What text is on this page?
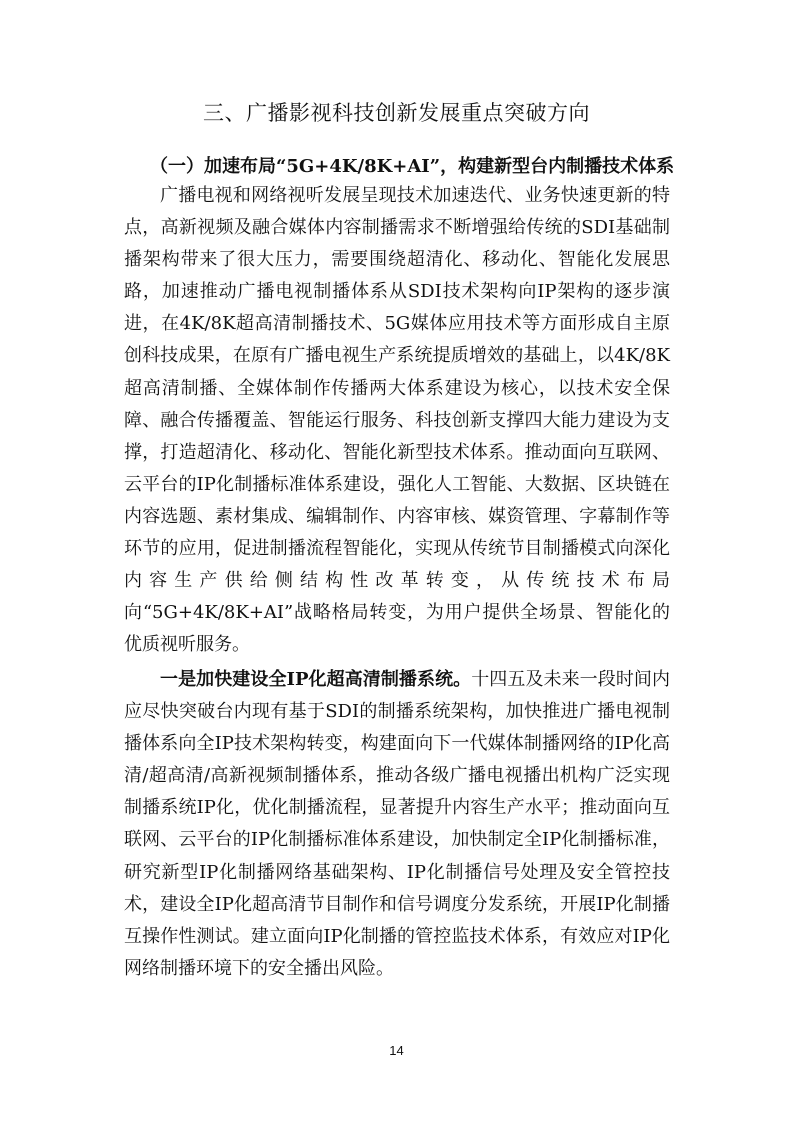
三、广播影视科技创新发展重点突破方向
（一）加速布局“5G+4K/8K+AI”，构建新型台内制播技术体系

广播电视和网络视听发展呈现技术加速迭代、业务快速更新的特点，高新视频及融合媒体内容制播需求不断增强给传统的SDI基础制播架构带来了很大压力，需要围绕超清化、移动化、智能化发展思路，加速推动广播电视制播体系从SDI技术架构向IP架构的逐步演进，在4K/8K超高清制播技术、5G媒体应用技术等方面形成自主原创科技成果，在原有广播电视生产系统提质增效的基础上，以4K/8K超高清制播、全媒体制作传播两大体系建设为核心，以技术安全保障、融合传播覆盖、智能运行服务、科技创新支撑四大能力建设为支撑，打造超清化、移动化、智能化新型技术体系。推动面向互联网、云平台的IP化制播标准体系建设，强化人工智能、大数据、区块链在内容选题、素材集成、编辑制作、内容审核、媒资管理、字幕制作等环节的应用，促进制播流程智能化，实现从传统节目制播模式向深化内容生产供给侧结构性改革转变，从传统技术布局向“5G+4K/8K+AI”战略格局转变，为用户提供全场景、智能化的优质视听服务。

一是加快建设全IP化超高清制播系统。十四五及未来一段时间内应尽快突破台内现有基于SDI的制播系统架构，加快推进广播电视制播体系向全IP技术架构转变，构建面向下一代媒体制播网络的IP化高清/超高清/高新视频制播体系，推动各级广播电视播出机构广泛实现制播系统IP化，优化制播流程，显著提升内容生产水平；推动面向互联网、云平台的IP化制播标准体系建设，加快制定全IP化制播标准，研究新型IP化制播网络基础架构、IP化制播信号处理及安全管控技术，建设全IP化超高清节目制作和信号调度分发系统，开展IP化制播互操作性测试。建立面向IP化制播的管控监技术体系，有效应对IP化网络制播环境下的安全播出风险。

14
